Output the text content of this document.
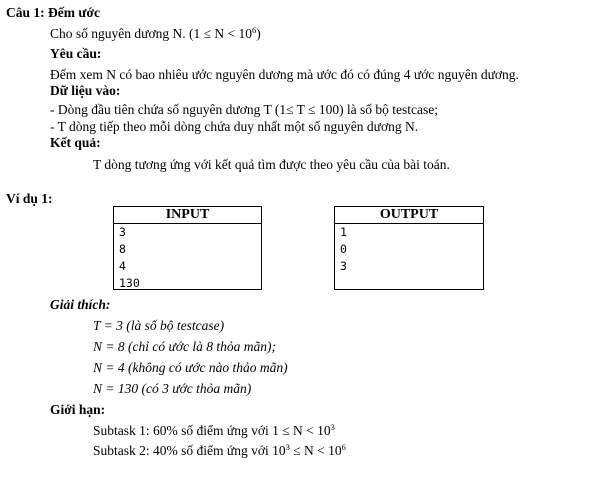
Câu 1: Đếm ước
Cho số nguyên dương N. $(1 \le N < 10^6)$
Yêu cầu:
Đếm xem N có bao nhiêu ước nguyên dương mà ước đó có đúng 4 ước nguyên dương.
Dữ liệu vào:
- Dòng đầu tiên chứa số nguyên dương T (1≤ T ≤ 100) là số bộ testcase;
- T dòng tiếp theo mỗi dòng chứa duy nhất một số nguyên dương N.
Kết quả:
T dòng tương ứng với kết quả tìm được theo yêu cầu của bài toán.
Ví dụ 1:
INPUT
3
8
4
130
OUTPUT
1
0
3
Giải thích:
T = 3 (là số bộ testcase)
N = 8 (chỉ có ước là 8 thỏa mãn);
N = 4 (không có ước nào thảo mãn)
N = 130 (có 3 ước thỏa mãn)
Giới hạn:
Subtask 1: 60% số điểm ứng với $1 \le N < 10^3$
Subtask 2: 40% số điểm ứng với $10^3 \le N < 10^6$
